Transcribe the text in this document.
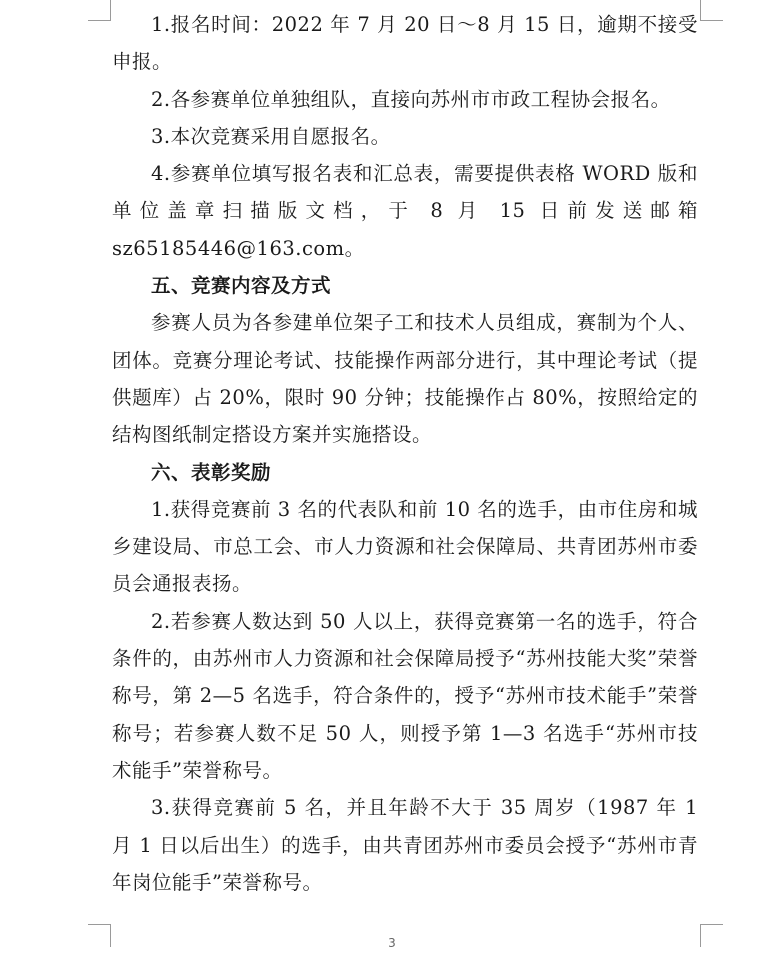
1.报名时间：2022 年 7 月 20 日～8 月 15 日，逾期不接受申报。

2.各参赛单位单独组队，直接向苏州市市政工程协会报名。

3.本次竞赛采用自愿报名。

4.参赛单位填写报名表和汇总表，需要提供表格 WORD 版和单位盖章扫描版文档，于 8 月 15 日前发送邮箱 sz65185446@163.com。

五、竞赛内容及方式

参赛人员为各参建单位架子工和技术人员组成，赛制为个人、团体。竞赛分理论考试、技能操作两部分进行，其中理论考试（提供题库）占 20%，限时 90 分钟；技能操作占 80%，按照给定的结构图纸制定搭设方案并实施搭设。

六、表彰奖励

1.获得竞赛前 3 名的代表队和前 10 名的选手，由市住房和城乡建设局、市总工会、市人力资源和社会保障局、共青团苏州市委员会通报表扬。

2.若参赛人数达到 50 人以上，获得竞赛第一名的选手，符合条件的，由苏州市人力资源和社会保障局授予“苏州技能大奖”荣誉称号，第 2—5 名选手，符合条件的，授予“苏州市技术能手”荣誉称号；若参赛人数不足 50 人，则授予第 1—3 名选手“苏州市技术能手”荣誉称号。

3.获得竞赛前 5 名，并且年龄不大于 35 周岁（1987 年 1 月 1 日以后出生）的选手，由共青团苏州市委员会授予“苏州市青年岗位能手”荣誉称号。

3
